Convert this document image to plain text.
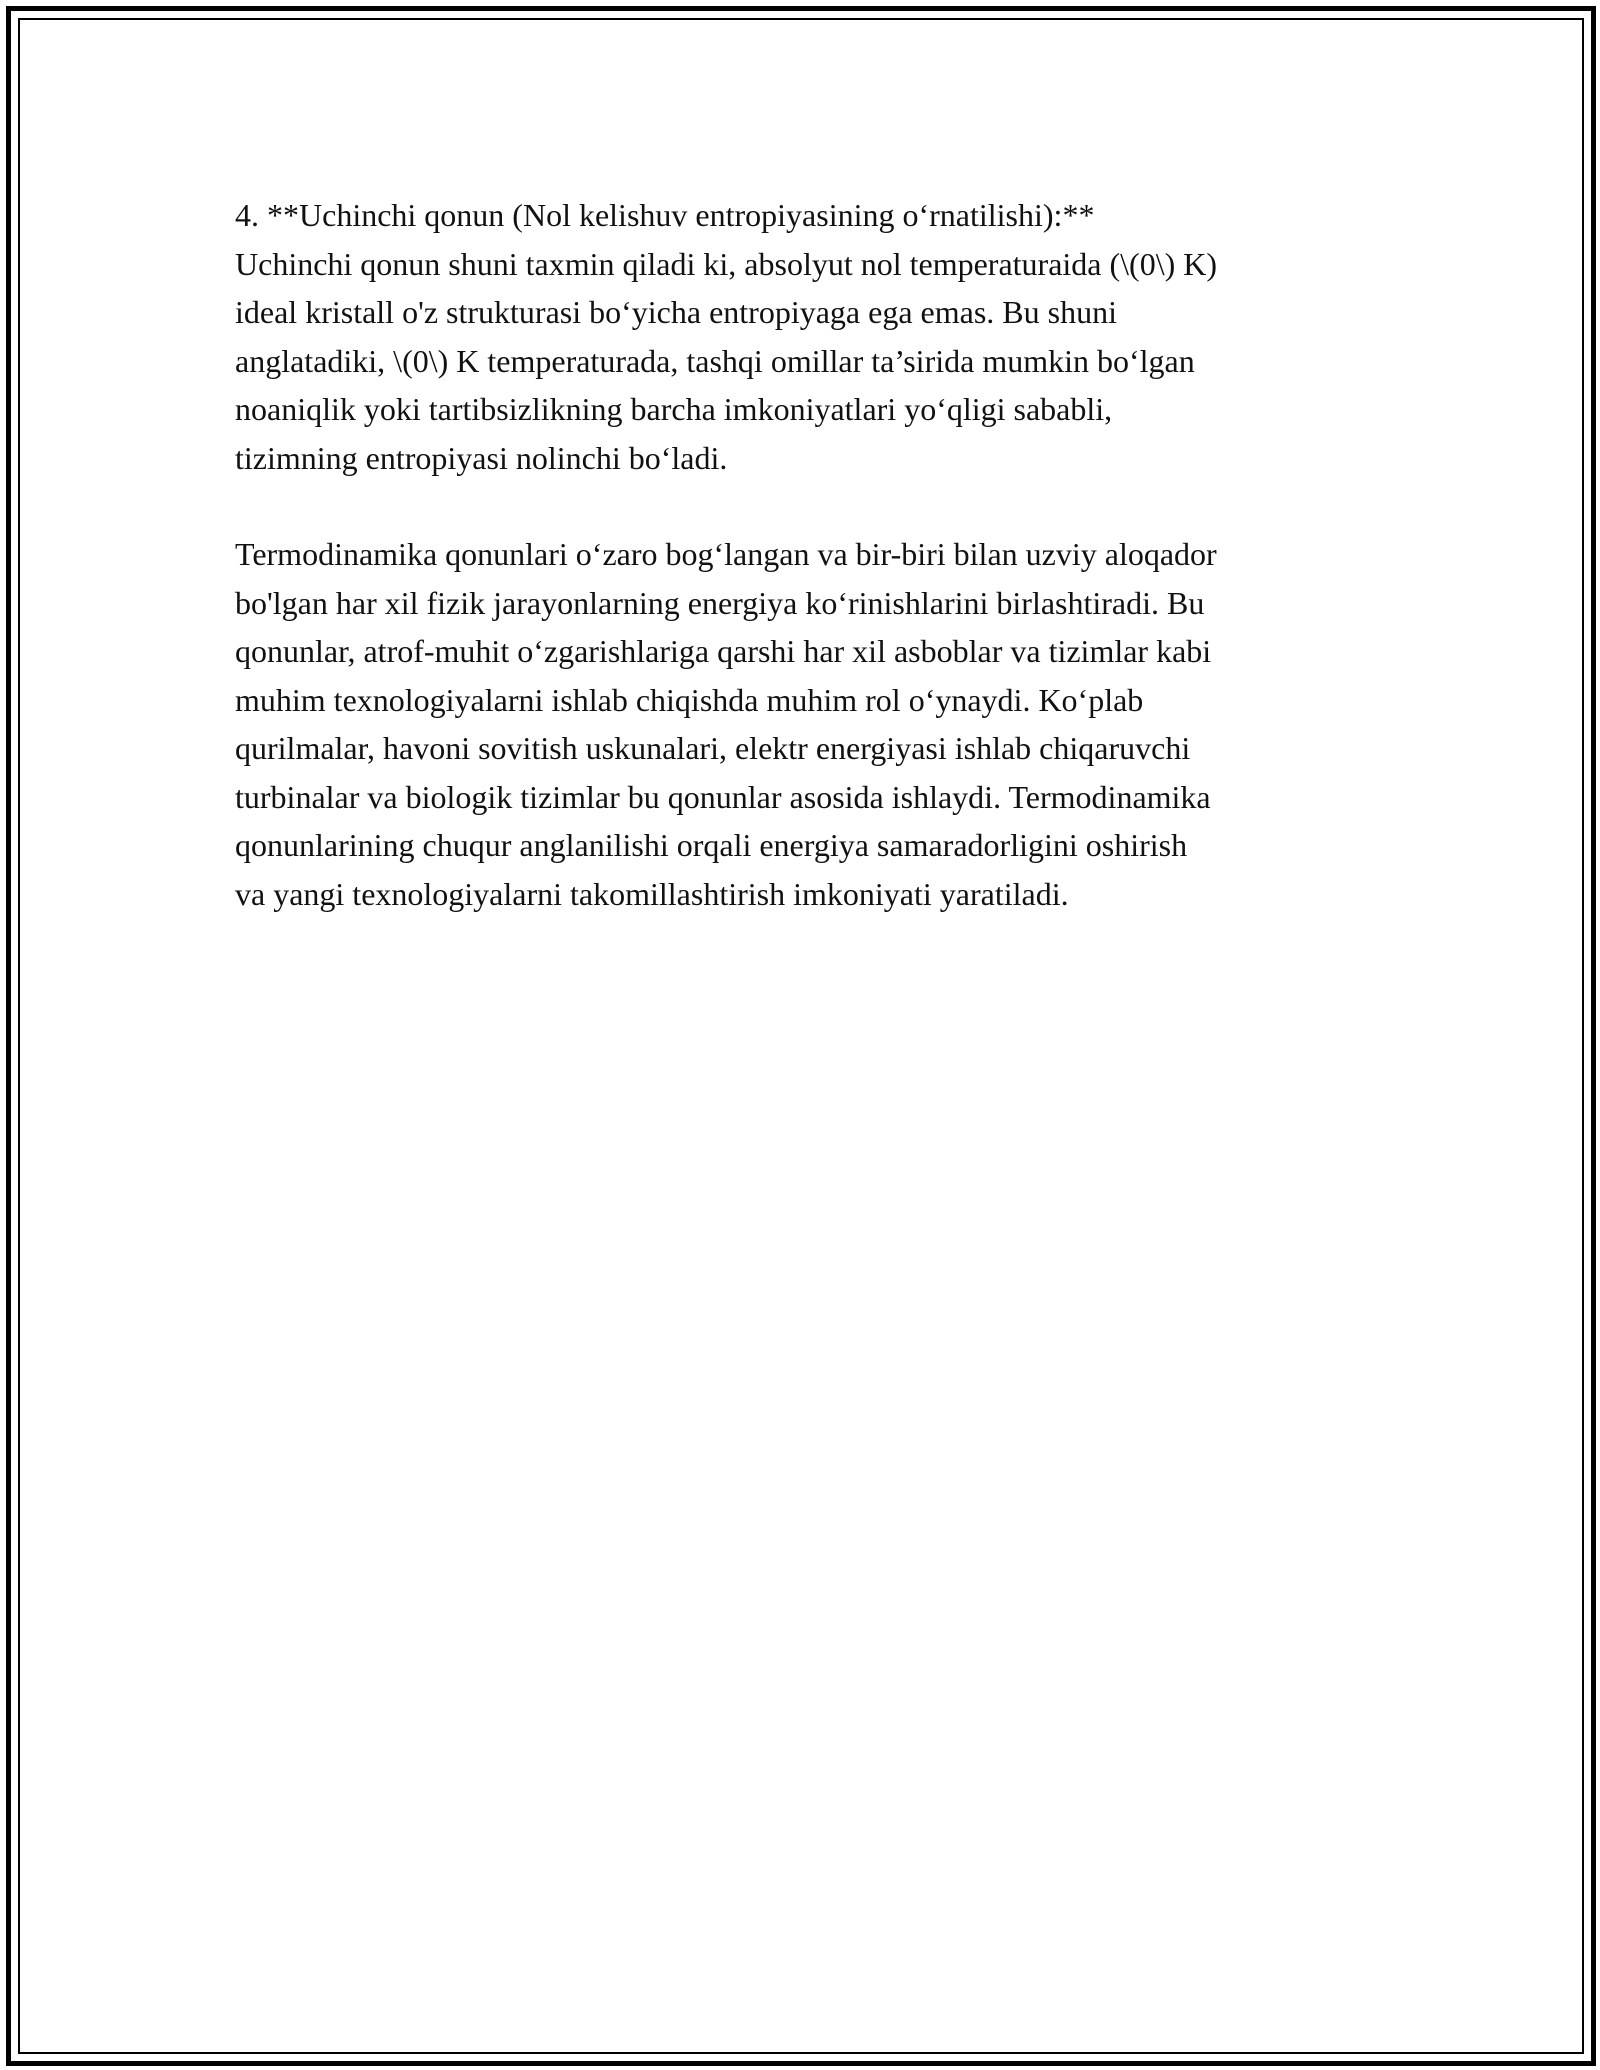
4. **Uchinchi qonun (Nol kelishuv entropiyasining o‘rnatilishi):**
Uchinchi qonun shuni taxmin qiladi ki, absolyut nol temperaturaida (\(0\) K)
ideal kristall o'z strukturasi bo‘yicha entropiyaga ega emas. Bu shuni
anglatadiki, \(0\) K temperaturada, tashqi omillar ta’sirida mumkin bo‘lgan
noaniqlik yoki tartibsizlikning barcha imkoniyatlari yo‘qligi sababli,
tizimning entropiyasi nolinchi bo‘ladi.

Termodinamika qonunlari o‘zaro bog‘langan va bir-biri bilan uzviy aloqador
bo'lgan har xil fizik jarayonlarning energiya ko‘rinishlarini birlashtiradi. Bu
qonunlar, atrof-muhit o‘zgarishlariga qarshi har xil asboblar va tizimlar kabi
muhim texnologiyalarni ishlab chiqishda muhim rol o‘ynaydi. Ko‘plab
qurilmalar, havoni sovitish uskunalari, elektr energiyasi ishlab chiqaruvchi
turbinalar va biologik tizimlar bu qonunlar asosida ishlaydi. Termodinamika
qonunlarining chuqur anglanilishi orqali energiya samaradorligini oshirish
va yangi texnologiyalarni takomillashtirish imkoniyati yaratiladi.
